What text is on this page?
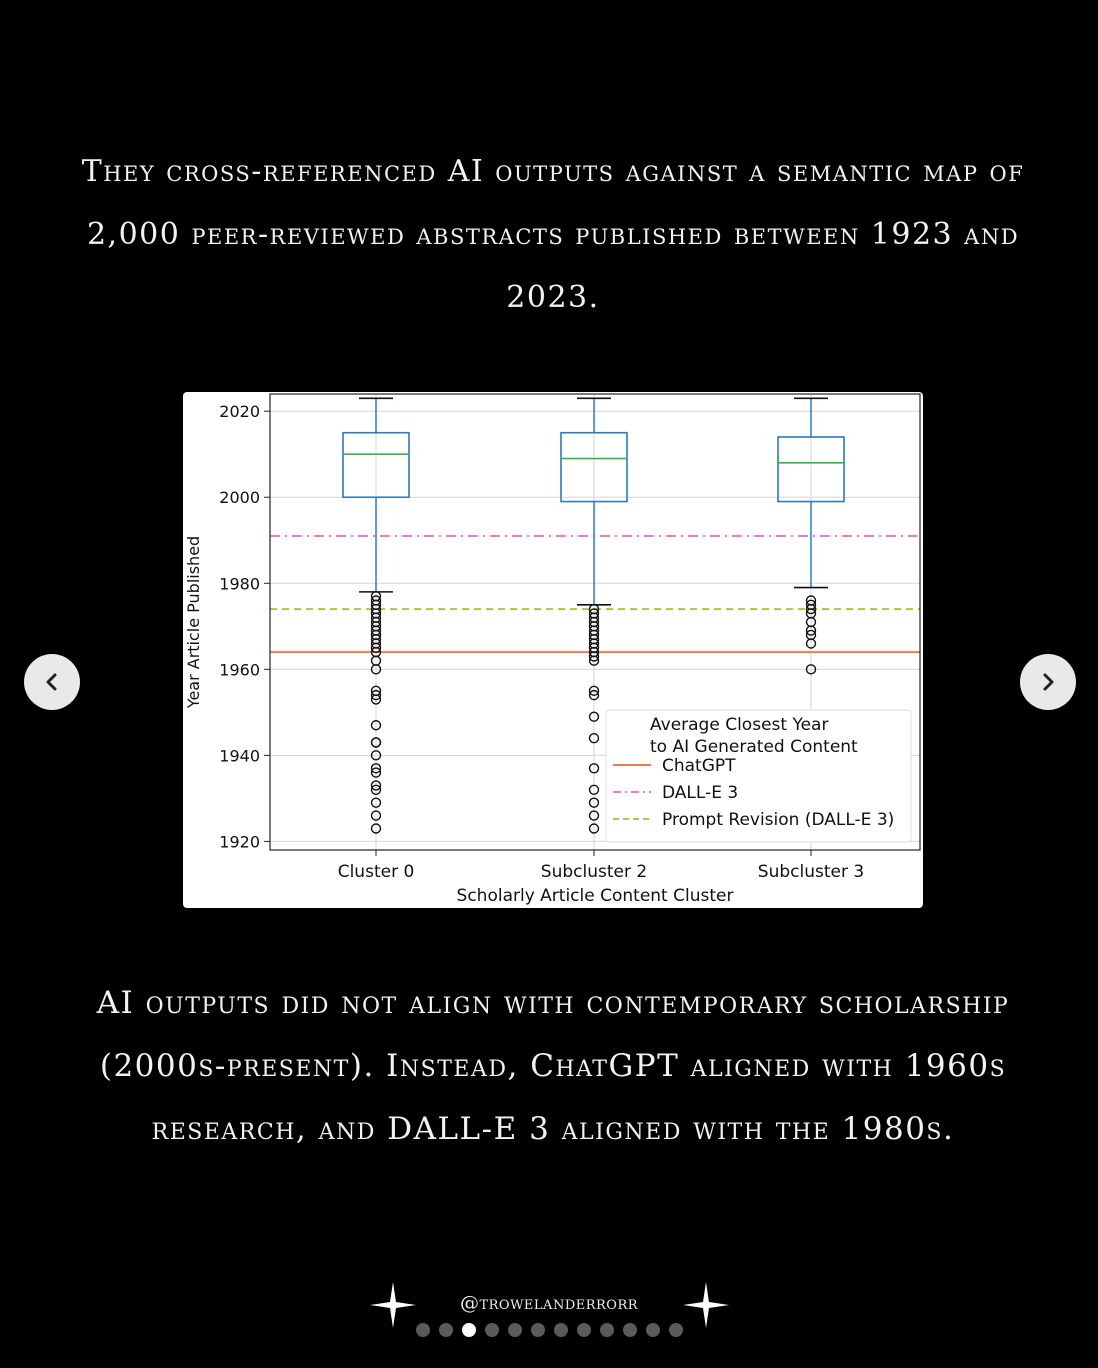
They cross-referenced AI outputs against a semantic map of 2,000 peer-reviewed abstracts published between 1923 and 2023.
1920
1940
1960
1980
2000
2020
Cluster 0	Subcluster 2	Subcluster 3
Year Article Published
Scholarly Article Content Cluster
Average Closest Year
to AI Generated Content
ChatGPT
DALL-E 3
Prompt Revision (DALL-E 3)
AI outputs did not align with contemporary scholarship (2000s-present). Instead, ChatGPT aligned with 1960s research, and DALL-E 3 aligned with the 1980s.
@trowelanderrorr
